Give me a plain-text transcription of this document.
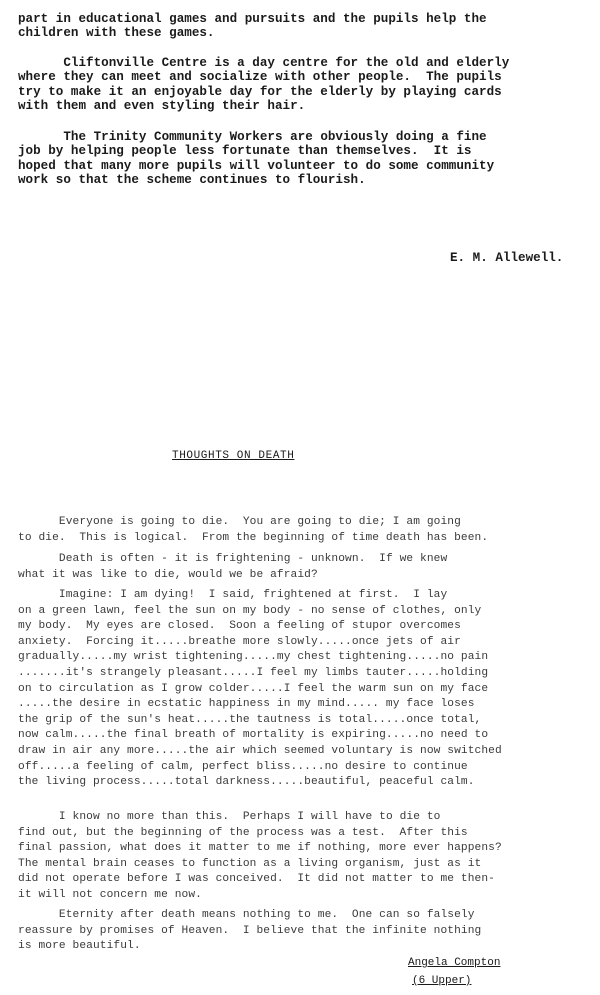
part in educational games and pursuits and the pupils help the
children with these games.

Cliftonville Centre is a day centre for the old and elderly
where they can meet and socialize with other people.  The pupils
try to make it an enjoyable day for the elderly by playing cards
with them and even styling their hair.

The Trinity Community Workers are obviously doing a fine
job by helping people less fortunate than themselves.  It is
hoped that many more pupils will volunteer to do some community
work so that the scheme continues to flourish.

E. M. Allewell.
THOUGHTS ON DEATH

Everyone is going to die.  You are going to die; I am going
to die.  This is logical.  From the beginning of time death has been.

Death is often - it is frightening - unknown.  If we knew
what it was like to die, would we be afraid?

Imagine: I am dying!  I said, frightened at first.  I lay
on a green lawn, feel the sun on my body - no sense of clothes, only
my body.  My eyes are closed.  Soon a feeling of stupor overcomes
anxiety.  Forcing it.....breathe more slowly.....once jets of air
gradually.....my wrist tightening.....my chest tightening.....no pain
.......it's strangely pleasant.....I feel my limbs tauter.....holding
on to circulation as I grow colder.....I feel the warm sun on my face
.....the desire in ecstatic happiness in my mind..... my face loses
the grip of the sun's heat.....the tautness is total.....once total,
now calm.....the final breath of mortality is expiring.....no need to
draw in air any more.....the air which seemed voluntary is now switched
off.....a feeling of calm, perfect bliss.....no desire to continue
the living process.....total darkness.....beautiful, peaceful calm.

I know no more than this.  Perhaps I will have to die to
find out, but the beginning of the process was a test.  After this
final passion, what does it matter to me if nothing, more ever happens?
The mental brain ceases to function as a living organism, just as it
did not operate before I was conceived.  It did not matter to me then-
it will not concern me now.

Eternity after death means nothing to me.  One can so falsely
reassure by promises of Heaven.  I believe that the infinite nothing
is more beautiful.

Angela Compton
(6 Upper)
